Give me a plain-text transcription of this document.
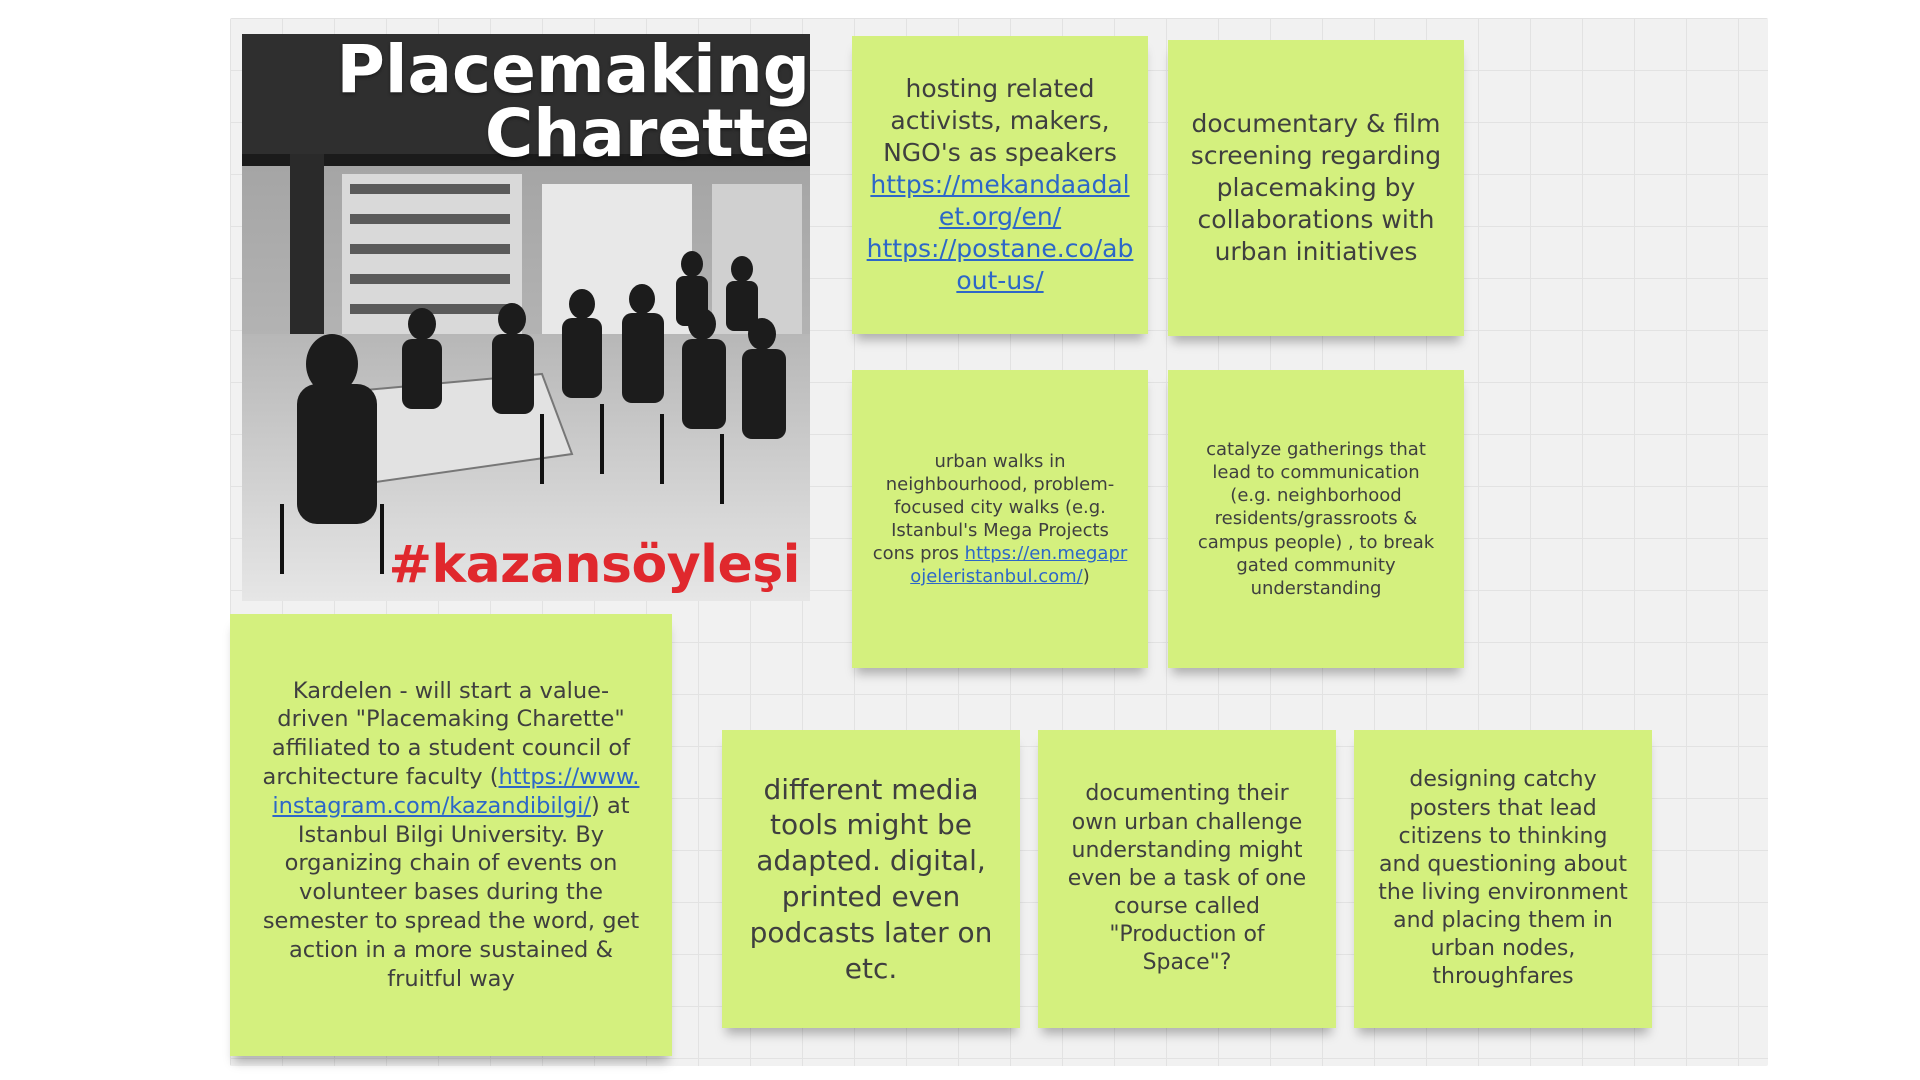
Placemaking
Charette
#kazansöyleşi
hosting related activists, makers, NGO's as speakers
https://mekandaadalet.org/en/
https://postane.co/about-us/
documentary & film screening regarding placemaking by collaborations with urban initiatives
urban walks in neighbourhood, problem-focused city walks (e.g. Istanbul's Mega Projects cons pros https://en.megaprojeleristanbul.com/)
catalyze gatherings that lead to communication (e.g. neighborhood residents/grassroots & campus people) , to break gated community understanding
Kardelen - will start a value-driven "Placemaking Charette" affiliated to a student council of architecture faculty (https://www.instagram.com/kazandibilgi/) at Istanbul Bilgi University. By organizing chain of events on volunteer bases during the semester to spread the word, get action in a more sustained & fruitful way
different media tools might be adapted. digital, printed even podcasts later on etc.
documenting their own urban challenge understanding might even be a task of one course called "Production of Space"?
designing catchy posters that lead citizens to thinking and questioning about the living environment and placing them in urban nodes, throughfares
